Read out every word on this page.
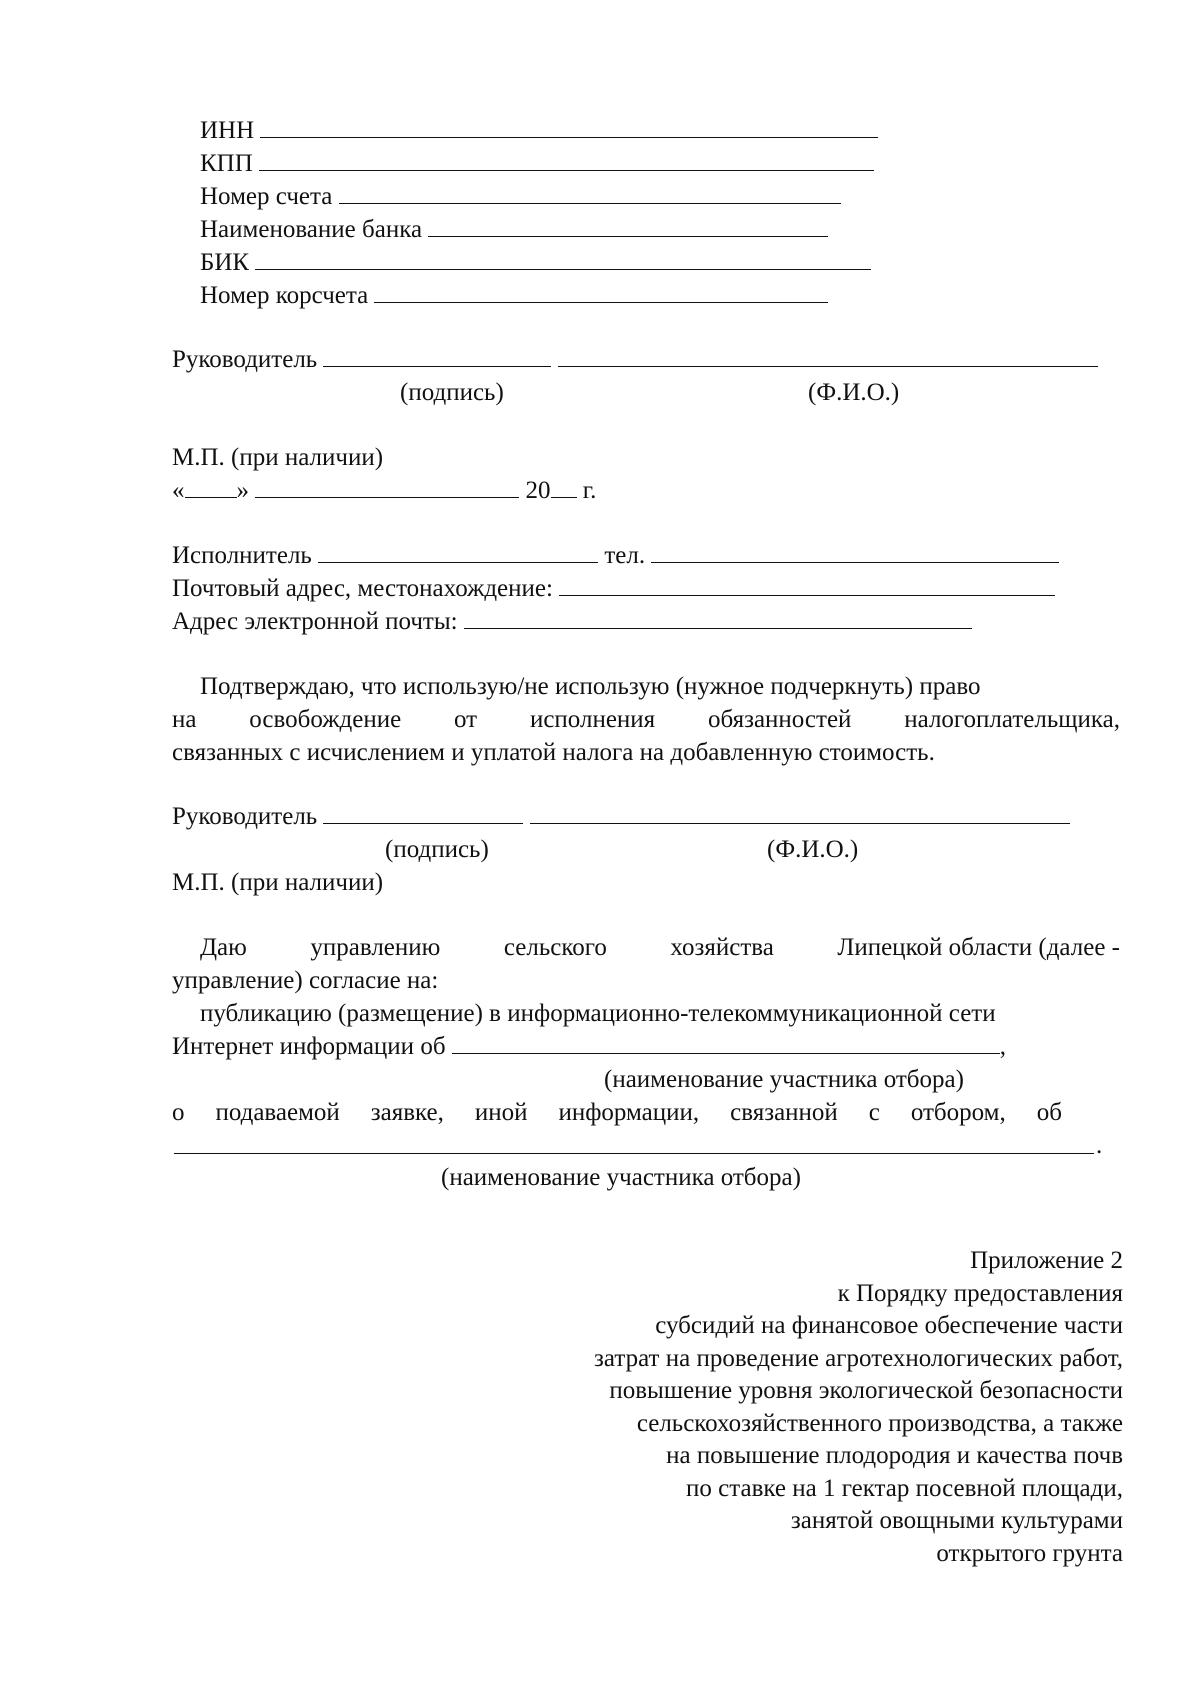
ИНН
КПП
Номер счета
Наименование банка
БИК
Номер корсчета
Руководитель
(подпись)	(Ф.И.О.)
М.П. (при наличии)
« »	20 г.
Исполнитель	тел.
Почтовый адрес, местонахождение:
Адрес электронной почты:
Подтверждаю, что использую/не использую (нужное подчеркнуть) право
на освобождение от исполнения обязанностей налогоплательщика,
связанных с исчислением и уплатой налога на добавленную стоимость.
Руководитель
(подпись)	(Ф.И.О.)
М.П. (при наличии)
Даю	управлению	сельского	хозяйства	Липецкой области (далее -
управление) согласие на:
публикацию (размещение) в информационно-телекоммуникационной сети
Интернет информации об	,
(наименование участника отбора)
о подаваемой заявке, иной информации, связанной с отбором, об
.
(наименование участника отбора)
Приложение 2
к Порядку предоставления
субсидий на финансовое обеспечение части
затрат на проведение агротехнологических работ,
повышение уровня экологической безопасности
сельскохозяйственного производства, а также
на повышение плодородия и качества почв
по ставке на 1 гектар посевной площади,
занятой овощными культурами
открытого грунта
